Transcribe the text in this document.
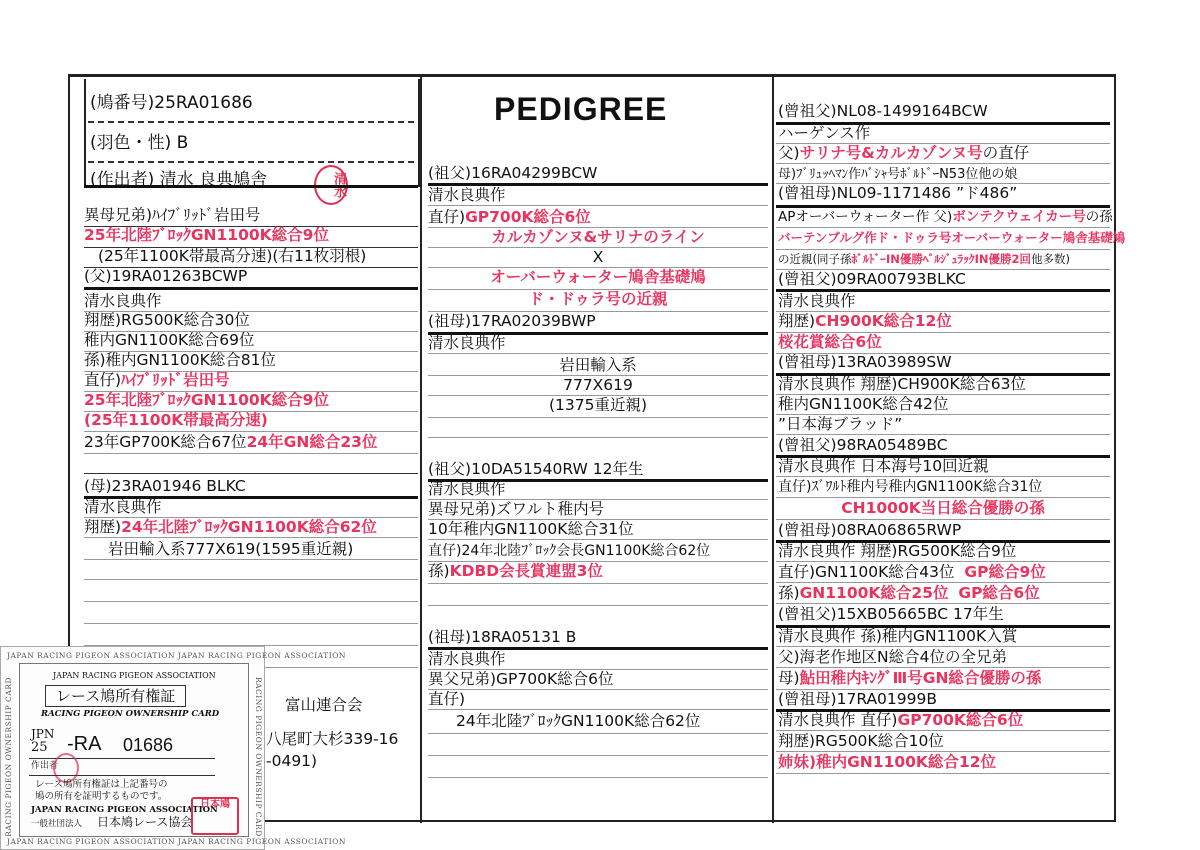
(鳩番号)25RA01686
(羽色・性) B
(作出者) 清水 良典鳩舎	清水
異母兄弟)ﾊｲﾌﾞﾘｯﾄﾞ岩田号
25年北陸ﾌﾞﾛｯｸGN1100K総合9位
(25年1100K帯最高分速)(右11枚羽根)
(父)19RA01263BCWP
清水良典作
翔歴)RG500K総合30位
稚内GN1100K総合69位
孫)稚内GN1100K総合81位
直仔)ﾊｲﾌﾞﾘｯﾄﾞ岩田号
25年北陸ﾌﾞﾛｯｸGN1100K総合9位
(25年1100K帯最高分速)
23年GP700K総合67位24年GN総合23位
(母)23RA01946 BLKC
清水良典作
翔歴)24年北陸ﾌﾞﾛｯｸGN1100K総合62位
岩田輸入系777X619(1595重近親)
富山連合会
八尾町大杉339-16
-0491)
PEDIGREE
(祖父)16RA04299BCW
清水良典作
直仔)GP700K総合6位
カルカゾンヌ&サリナのライン
X
オーバーウォーター鳩舎基礎鳩
ド・ドゥラ号の近親
(祖母)17RA02039BWP
清水良典作
岩田輸入系
777X619
(1375重近親)
(祖父)10DA51540RW 12年生
清水良典作
異母兄弟)ズワルト稚内号
10年稚内GN1100K総合31位
直仔)24年北陸ﾌﾞﾛｯｸ会長GN1100K総合62位
孫)KDBD会長賞連盟3位
(祖母)18RA05131 B
清水良典作
異父兄弟)GP700K総合6位
直仔)
24年北陸ﾌﾞﾛｯｸGN1100K総合62位
(曾祖父)NL08-1499164BCW
ハーゲンス作
父)サリナ号&カルカゾンヌ号の直仔
母)ﾌﾞﾘｭｯﾍﾏﾝ作ﾊﾞｼｬ号ﾎﾞﾙﾄﾞｰN53位他の娘
(曾祖母)NL09-1171486 ”ド486”
APオーバーウォーター作 父)ボンテクウェイカー号の孫
バーテンブルグ作ド・ドゥラ号オーバーウォーター鳩舎基礎鳩
の近親(同子孫ﾎﾞﾙﾄﾞｰIN優勝ﾍﾟﾙｼﾞｭﾗｯｸIN優勝2回他多数)
(曾祖父)09RA00793BLKC
清水良典作
翔歴)CH900K総合12位
桜花賞総合6位
(曾祖母)13RA03989SW
清水良典作 翔歴)CH900K総合63位
稚内GN1100K総合42位
”日本海ブラッド”
(曾祖父)98RA05489BC
清水良典作 日本海号10回近親
直仔)ｽﾞﾜﾙﾄ稚内号稚内GN1100K総合31位
CH1000K当日総合優勝の孫
(曾祖母)08RA06865RWP
清水良典作 翔歴)RG500K総合9位
直仔)GN1100K総合43位 GP総合9位
孫)GN1100K総合25位 GP総合6位
(曾祖父)15XB05665BC 17年生
清水良典作 孫)稚内GN1100K入賞
父)海老作地区N総合4位の全兄弟
母)鮎田稚内ｷﾝｸﾞⅢ号GN総合優勝の孫
(曾祖母)17RA01999B
清水良典作 直仔)GP700K総合6位
翔歴)RG500K総合10位
姉妹)稚内GN1100K総合12位
JAPAN RACING PIGEON ASSOCIATION JAPAN RACING PIGEON ASSOCIATION
JAPAN RACING PIGEON ASSOCIATION JAPAN RACING PIGEON ASSOCIATION
RACING PIGEON OWNERSHIP CARD	RACING PIGEON OWNERSHIP CARD
JAPAN RACING PIGEON ASSOCIATION
レース鳩所有権証
RACING PIGEON OWNERSHIP CARD
JPN
25 -RA 01686
作出者
レース鳩所有権証は上記番号の
鳩の所有を証明するものです。
JAPAN RACING PIGEON ASSOCIATION
一般社団法人 日本鳩レース協会
日本鳩
